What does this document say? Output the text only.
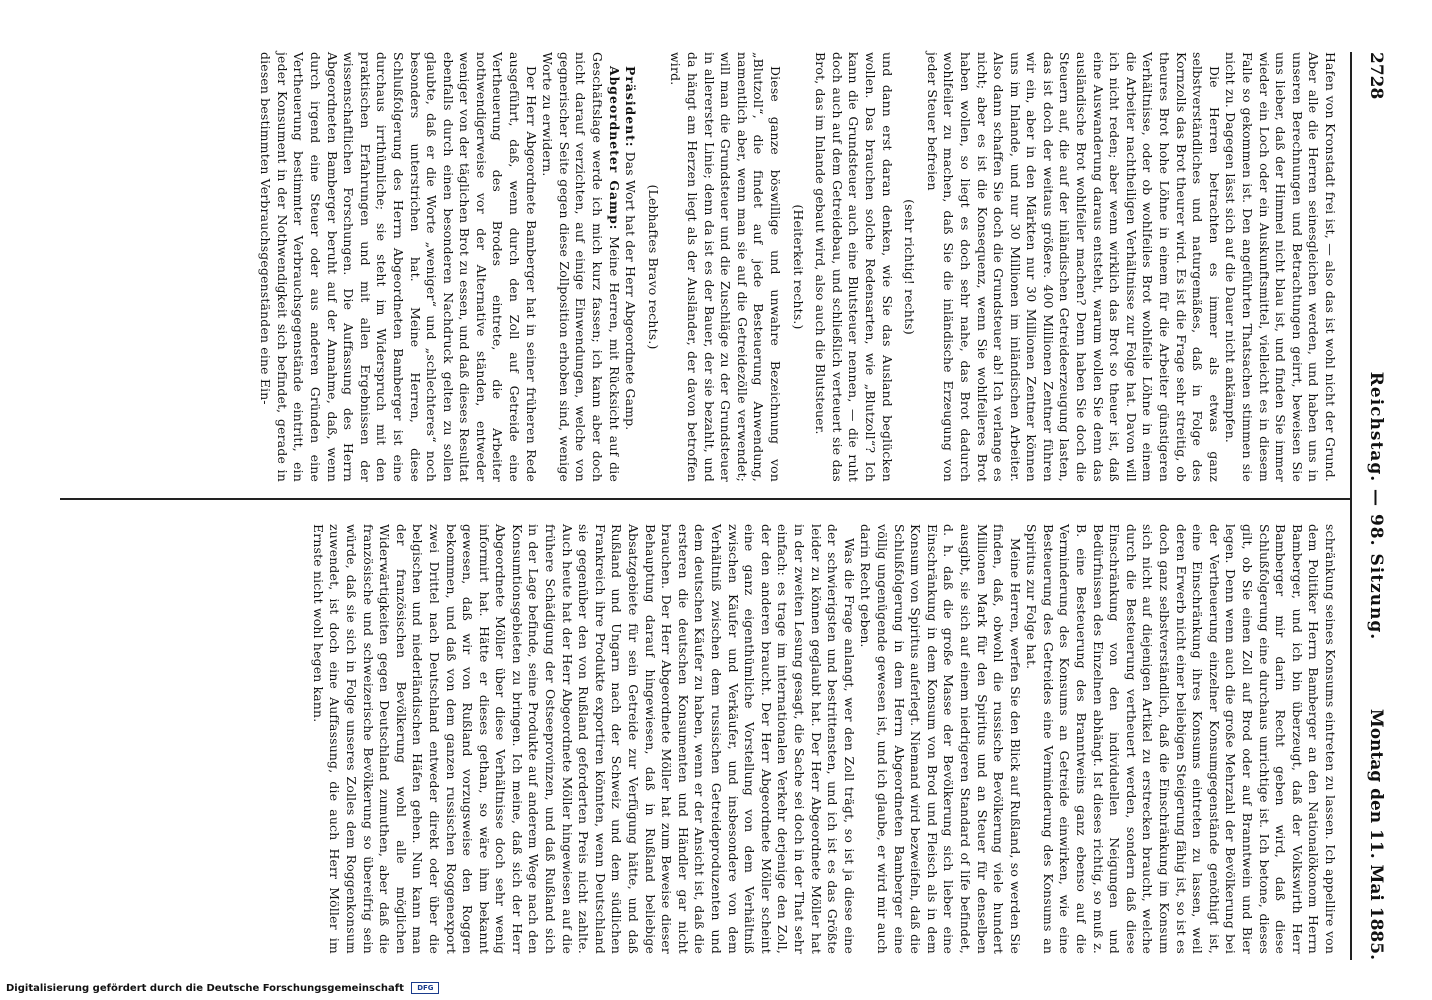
2728
Reichstag. — 98. Sitzung.
Montag den 11. Mai 1885.

Hafen von Kronstadt frei ist, — also das ist wohl nicht der Grund. Aber alle die Herren seinesgleichen werden, und haben uns in unseren Berechnungen und Betrachtungen geirrt, beweisen Sie uns lieber, daß der Himmel nicht blau ist, und finden Sie immer wieder ein Loch oder ein Auskunftsmittel, vielleicht es in diesem Falle so gekommen ist. Den angeführten Thatsachen stimmen sie nicht zu. Dagegen lässt sich auf die Dauer nicht ankämpfen.

Die Herren betrachten es immer als etwas ganz selbstverständliches und naturgemäßes, daß in Folge des Kornzolls das Brot theurer wird. Es ist die Frage sehr streitig, ob theures Brot hohe Löhne in einem für die Arbeiter günstigeren Verhältnisse, oder ob wohlfeiles Brot wohlfeile Löhne in einem die Arbeiter nachtheiligen Verhältnisse zur Folge hat. Davon will ich nicht reden; aber wenn wirklich das Brot so theuer ist, daß eine Auswanderung daraus entsteht, warum wollen Sie denn das ausländische Brot wohlfeiler machen? Denn haben Sie doch die Steuern auf, die auf der inländischen Getreideerzeugung lasten, das ist doch der weitaus größere. 400 Millionen Zentner führen wir ein, aber in den Märkten nur 30 Millionen Zentner können uns im Inlande, und nur 30 Millionen im inländischen Arbeiter. Also dann schaffen Sie doch die Grundsteuer ab! Ich verlange es nicht; aber es ist die Konsequenz, wenn Sie wohlfeileres Brot haben wollen, so liegt es doch sehr nahe, das Brot dadurch wohlfeiler zu machen, daß Sie die inländische Erzeugung von jeder Steuer befreien

(sehr richtig! rechts)

und dann erst daran denken, wie Sie das Ausland beglücken wollen. Das brauchen solche Redensarten, wie „Blutzoll“? Ich kann die Grundsteuer auch eine Blutsteuer nennen, — die ruht doch auch auf dem Getreidebau, und schließlich verteuert sie das Brot, das im Inlande gebaut wird, also auch die Blutsteuer.

(Heiterkeit rechts.)

Diese ganze böswillige und unwahre Bezeichnung von „Blutzoll“, die findet auf jede Besteuerung Anwendung, namentlich aber, wenn man sie auf die Getreidezölle verwendet; will man die Grundsteuer und die Zuschläge zu der Grundsteuer in allererster Linie; denn da ist es der Bauer, der sie bezahlt, und da hängt am Herzen liegt als der Ausländer, der davon betroffen wird.

(Lebhaftes Bravo rechts.)

Präsident: Das Wort hat der Herr Abgeordnete Gamp.

Abgeordneter Gamp: Meine Herren, mit Rücksicht auf die Geschäftslage werde ich mich kurz fassen; ich kann aber doch nicht darauf verzichten, auf einige Einwendungen, welche von gegnerischer Seite gegen diese Zollposition erhoben sind, wenige Worte zu erwidern.

Der Herr Abgeordnete Bamberger hat in seiner früheren Rede ausgeführt, daß, wenn durch den Zoll auf Getreide eine Vertheuerung des Brodes eintrete, die Arbeiter nothwendigerweise vor der Alternative ständen, entweder weniger von der täglichen Brot zu essen, und daß dieses Resultat ebenfalls durch einen besonderen Nachdruck gelten zu sollen glaubte, daß er die Worte „weniger“ und „schlechteres“ noch besonders unterstrichen hat. Meine Herren, diese Schlußfolgerung des Herrn Abgeordneten Bamberger ist eine durchaus irrthümliche; sie steht im Widerspruch mit den praktischen Erfahrungen und mit allen Ergebnissen der wissenschaftlichen Forschungen. Die Auffassung des Herrn Abgeordneten Bamberger beruht auf der Annahme, daß, wenn durch irgend eine Steuer oder aus anderen Gründen eine Vertheuerung bestimmter Verbrauchsgegenstände eintritt, ein jeder Konsument in der Nothwendigkeit sich befindet, gerade in diesen bestimmten Verbrauchsgegenständen eine Ein-

schränkung seines Konsums eintreten zu lassen. Ich appellire von dem Politiker Herrn Bamberger an den Nationalökonom Herrn Bamberger, und ich bin überzeugt, daß der Volkswirth Herr Bamberger mir darin Recht geben wird, daß diese Schlußfolgerung eine durchaus unrichtige ist. Ich betone, dieses gilt, ob Sie einen Zoll auf Brod oder auf Branntwein und Bier legen. Denn wenn auch die große Mehrzahl der Bevölkerung bei der Vertheuerung einzelner Konsumgegenstände genöthigt ist, eine Einschränkung ihres Konsums eintreten zu lassen, weil deren Erwerb nicht einer beliebigen Steigerung fähig ist, so ist es doch ganz selbstverständlich, daß die Einschränkung im Konsum sich nicht auf diejenigen Artikel zu erstrecken braucht, welche durch die Besteuerung vertheuert werden, sondern daß diese Einschränkung von den individuellen Neigungen und Bedürfnissen des Einzelnen abhängt. Ist dieses richtig, so muß z. B. eine Besteuerung des Branntweins ganz ebenso auf die Verminderung des Konsums an Getreide einwirken, wie eine Besteuerung des Getreides eine Verminderung des Konsums an Spiritus zur Folge hat.

Meine Herren, werfen Sie den Blick auf Rußland, so werden Sie finden, daß, obwohl die russische Bevölkerung viele hundert Millionen Mark für den Spiritus und an Steuer für denselben ausgibt, sie sich auf einem niedrigeren Standard of life befindet, d. h. daß die große Masse der Bevölkerung sich lieber eine Einschränkung in dem Konsum von Brod und Fleisch als in dem Konsum von Spiritus auferlegt. Niemand wird bezweifeln, daß die Schlußfolgerung in dem Herrn Abgeordneten Bamberger eine völlig ungenügende gewesen ist, und ich glaube, er wird mir auch darin Recht geben.

Was die Frage anlangt, wer den Zoll trägt, so ist ja diese eine der schwierigsten und bestrittensten, und ich ist es das Größte leider zu können geglaubt hat. Der Herr Abgeordnete Möller hat in der zweiten Lesung gesagt, die Sache sei doch in der That sehr einfach: es trage im internationalen Verkehr derjenige den Zoll, der den anderen braucht. Der Herr Abgeordnete Möller scheint eine ganz eigenthümliche Vorstellung von dem Verhältniß zwischen Käufer und Verkäufer, und insbesondere von dem Verhältniß zwischen dem russischen Getreideproduzenten und dem deutschen Käufer zu haben, wenn er der Ansicht ist, daß die ersteren die deutschen Konsumenten und Händler gar nicht brauchen. Der Herr Abgeordnete Möller hat zum Beweise dieser Behauptung darauf hingewiesen, daß in Rußland beliebige Absatzgebiete für sein Getreide zur Verfügung hätte, und daß Rußland und Ungarn nach der Schweiz und dem südlichen Frankreich ihre Produkte exportiren könnten, wenn Deutschland sie gegenüber den von Rußland geforderten Preis nicht zahlte. Auch heute hat der Herr Abgeordnete Möller hingewiesen auf die frühere Schädigung der Ostseeprovinzen, und daß Rußland sich in der Lage befinde, seine Produkte auf anderem Wege nach den Konsumtionsgebieten zu bringen. Ich meine, daß sich der Herr Abgeordnete Möller über diese Verhältnisse doch sehr wenig informirt hat. Hätte er dieses gethan, so wäre ihm bekannt gewesen, daß wir von Rußland vorzugsweise den Roggen bekommen, und daß von dem ganzen russischen Roggenexport zwei Drittel nach Deutschland entweder direkt oder über die belgischen und niederländischen Häfen gehen. Nun kann man der französischen Bevölkerung wohl alle möglichen Widerwärtigkeiten gegen Deutschland zumuthen, aber daß die französische und schweizerische Bevölkerung so übereifrig sein würde, daß sie sich in Folge unseres Zolles dem Roggenkonsum zuwendet, ist doch eine Auffassung, die auch Herr Möller im Ernste nicht wohl hegen kann.

Digitalisierung gefördert durch die Deutsche Forschungsgemeinschaft DFG
